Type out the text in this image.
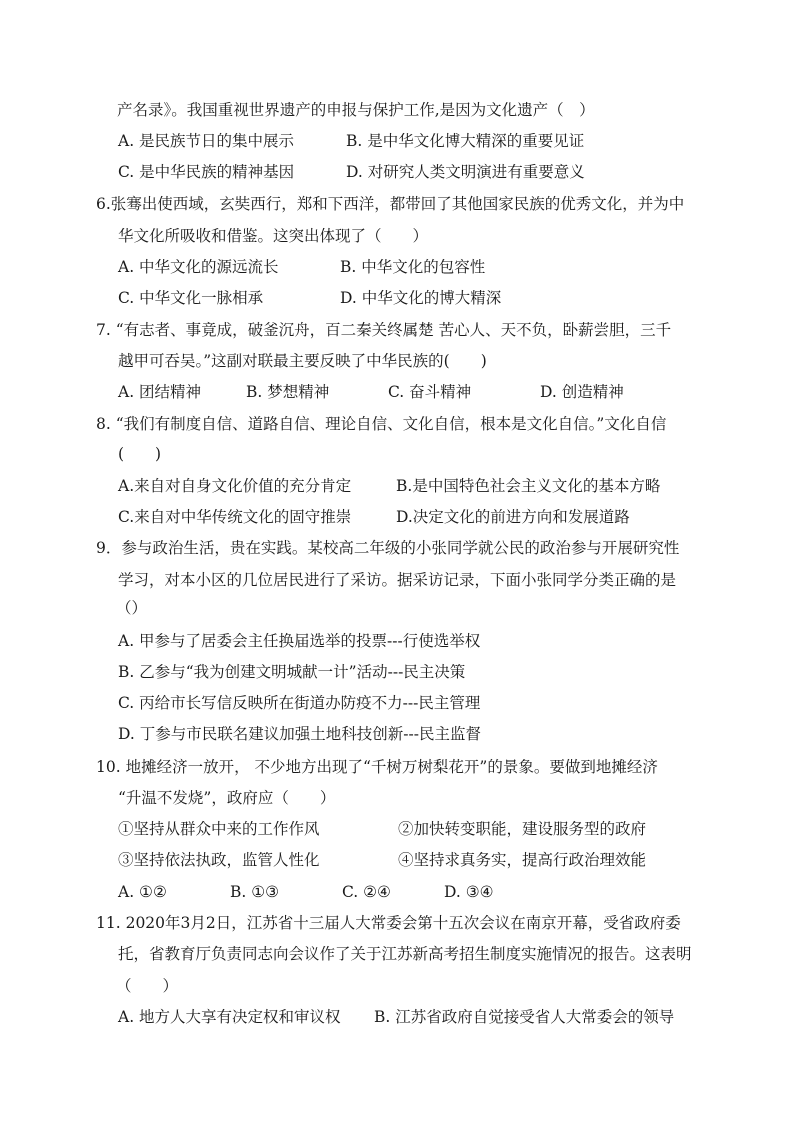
产名录》。我国重视世界遗产的申报与保护工作,是因为文化遗产（　）
A. 是民族节日的集中展示	B. 是中华文化博大精深的重要见证
C. 是中华民族的精神基因	D. 对研究人类文明演进有重要意义
6.张骞出使西域，玄奘西行，郑和下西洋，都带回了其他国家民族的优秀文化，并为中
华文化所吸收和借鉴。这突出体现了（　　）
A. 中华文化的源远流长	B. 中华文化的包容性
C. 中华文化一脉相承	D. 中华文化的博大精深
7. “有志者、事竟成，破釜沉舟，百二秦关终属楚 苦心人、天不负，卧薪尝胆，三千
越甲可吞吴。”这副对联最主要反映了中华民族的(　　)
A. 团结精神	B. 梦想精神	C. 奋斗精神	D. 创造精神
8. “我们有制度自信、道路自信、理论自信、文化自信，根本是文化自信。”文化自信
(　　)
A.来自对自身文化价值的充分肯定	B.是中国特色社会主义文化的基本方略
C.来自对中华传统文化的固守推崇	D.决定文化的前进方向和发展道路
9．参与政治生活，贵在实践。某校高二年级的小张同学就公民的政治参与开展研究性
学习，对本小区的几位居民进行了采访。据采访记录，下面小张同学分类正确的是
（）
A. 甲参与了居委会主任换届选举的投票---行使选举权
B. 乙参与“我为创建文明城献一计”活动---民主决策
C. 丙给市长写信反映所在街道办防疫不力---民主管理
D. 丁参与市民联名建议加强土地科技创新---民主监督
10. 地摊经济一放开， 不少地方出现了“千树万树梨花开”的景象。要做到地摊经济
“升温不发烧”，政府应（　　）
①坚持从群众中来的工作作风	②加快转变职能，建设服务型的政府
③坚持依法执政，监管人性化	④坚持求真务实，提高行政治理效能
A. ①②	B. ①③	C. ②④	D. ③④
11. 2020年3月2日，江苏省十三届人大常委会第十五次会议在南京开幕，受省政府委
托，省教育厅负责同志向会议作了关于江苏新高考招生制度实施情况的报告。这表明
（　　）
A. 地方人大享有决定权和审议权 B. 江苏省政府自觉接受省人大常委会的领导
